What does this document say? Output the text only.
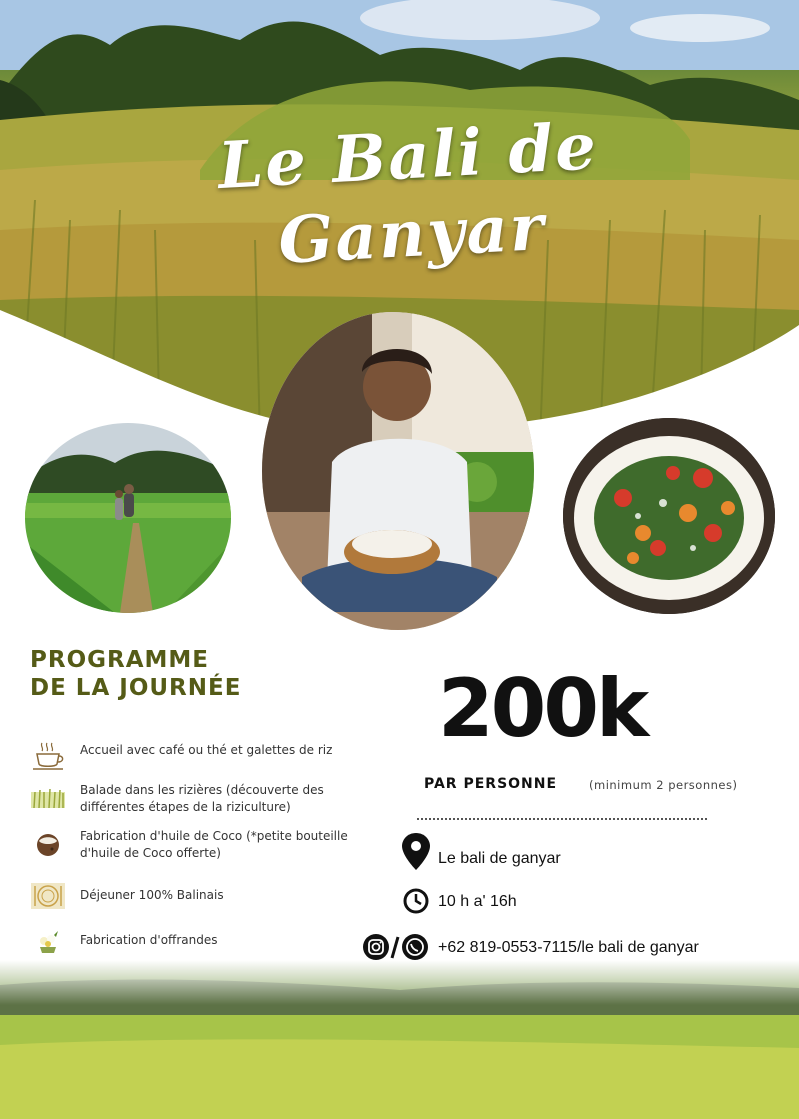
Le Bali de Ganyar
PROGRAMME
DE LA JOURNÉE
Accueil avec café ou thé et galettes de riz
Balade dans les rizières (découverte des différentes étapes de la riziculture)
Fabrication d'huile de Coco (*petite bouteille d'huile de Coco offerte)
Déjeuner 100% Balinais
Fabrication d'offrandes
200k
PAR PERSONNE	(minimum 2 personnes)
Le bali de ganyar
10 h a' 16h
+62 819-0553-7115/le bali de ganyar
